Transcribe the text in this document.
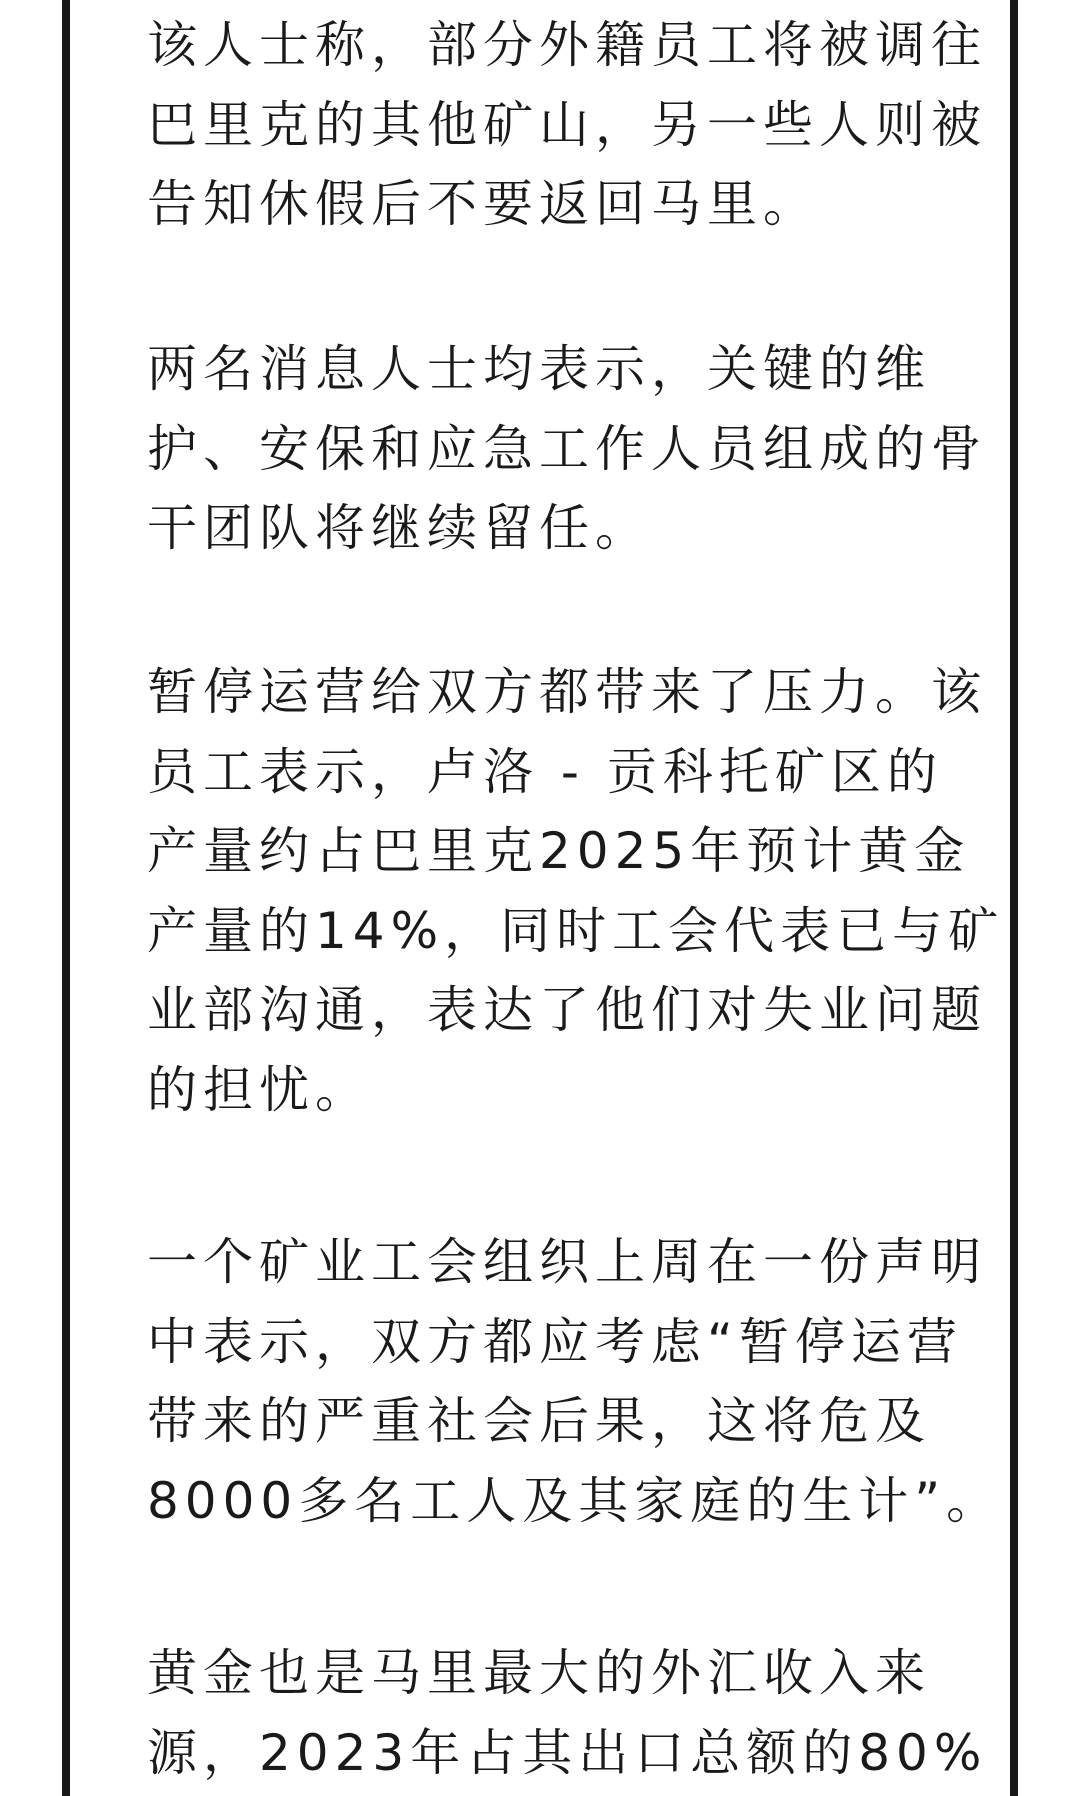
该人士称，部分外籍员工将被调往
巴里克的其他矿山，另一些人则被
告知休假后不要返回马里。

两名消息人士均表示，关键的维
护、安保和应急工作人员组成的骨
干团队将继续留任。

暂停运营给双方都带来了压力。该
员工表示，卢洛 - 贡科托矿区的
产量约占巴里克2025年预计黄金
产量的14%，同时工会代表已与矿
业部沟通，表达了他们对失业问题
的担忧。

一个矿业工会组织上周在一份声明
中表示，双方都应考虑“暂停运营
带来的严重社会后果，这将危及
8000多名工人及其家庭的生计”。

黄金也是马里最大的外汇收入来
源，2023年占其出口总额的80%
